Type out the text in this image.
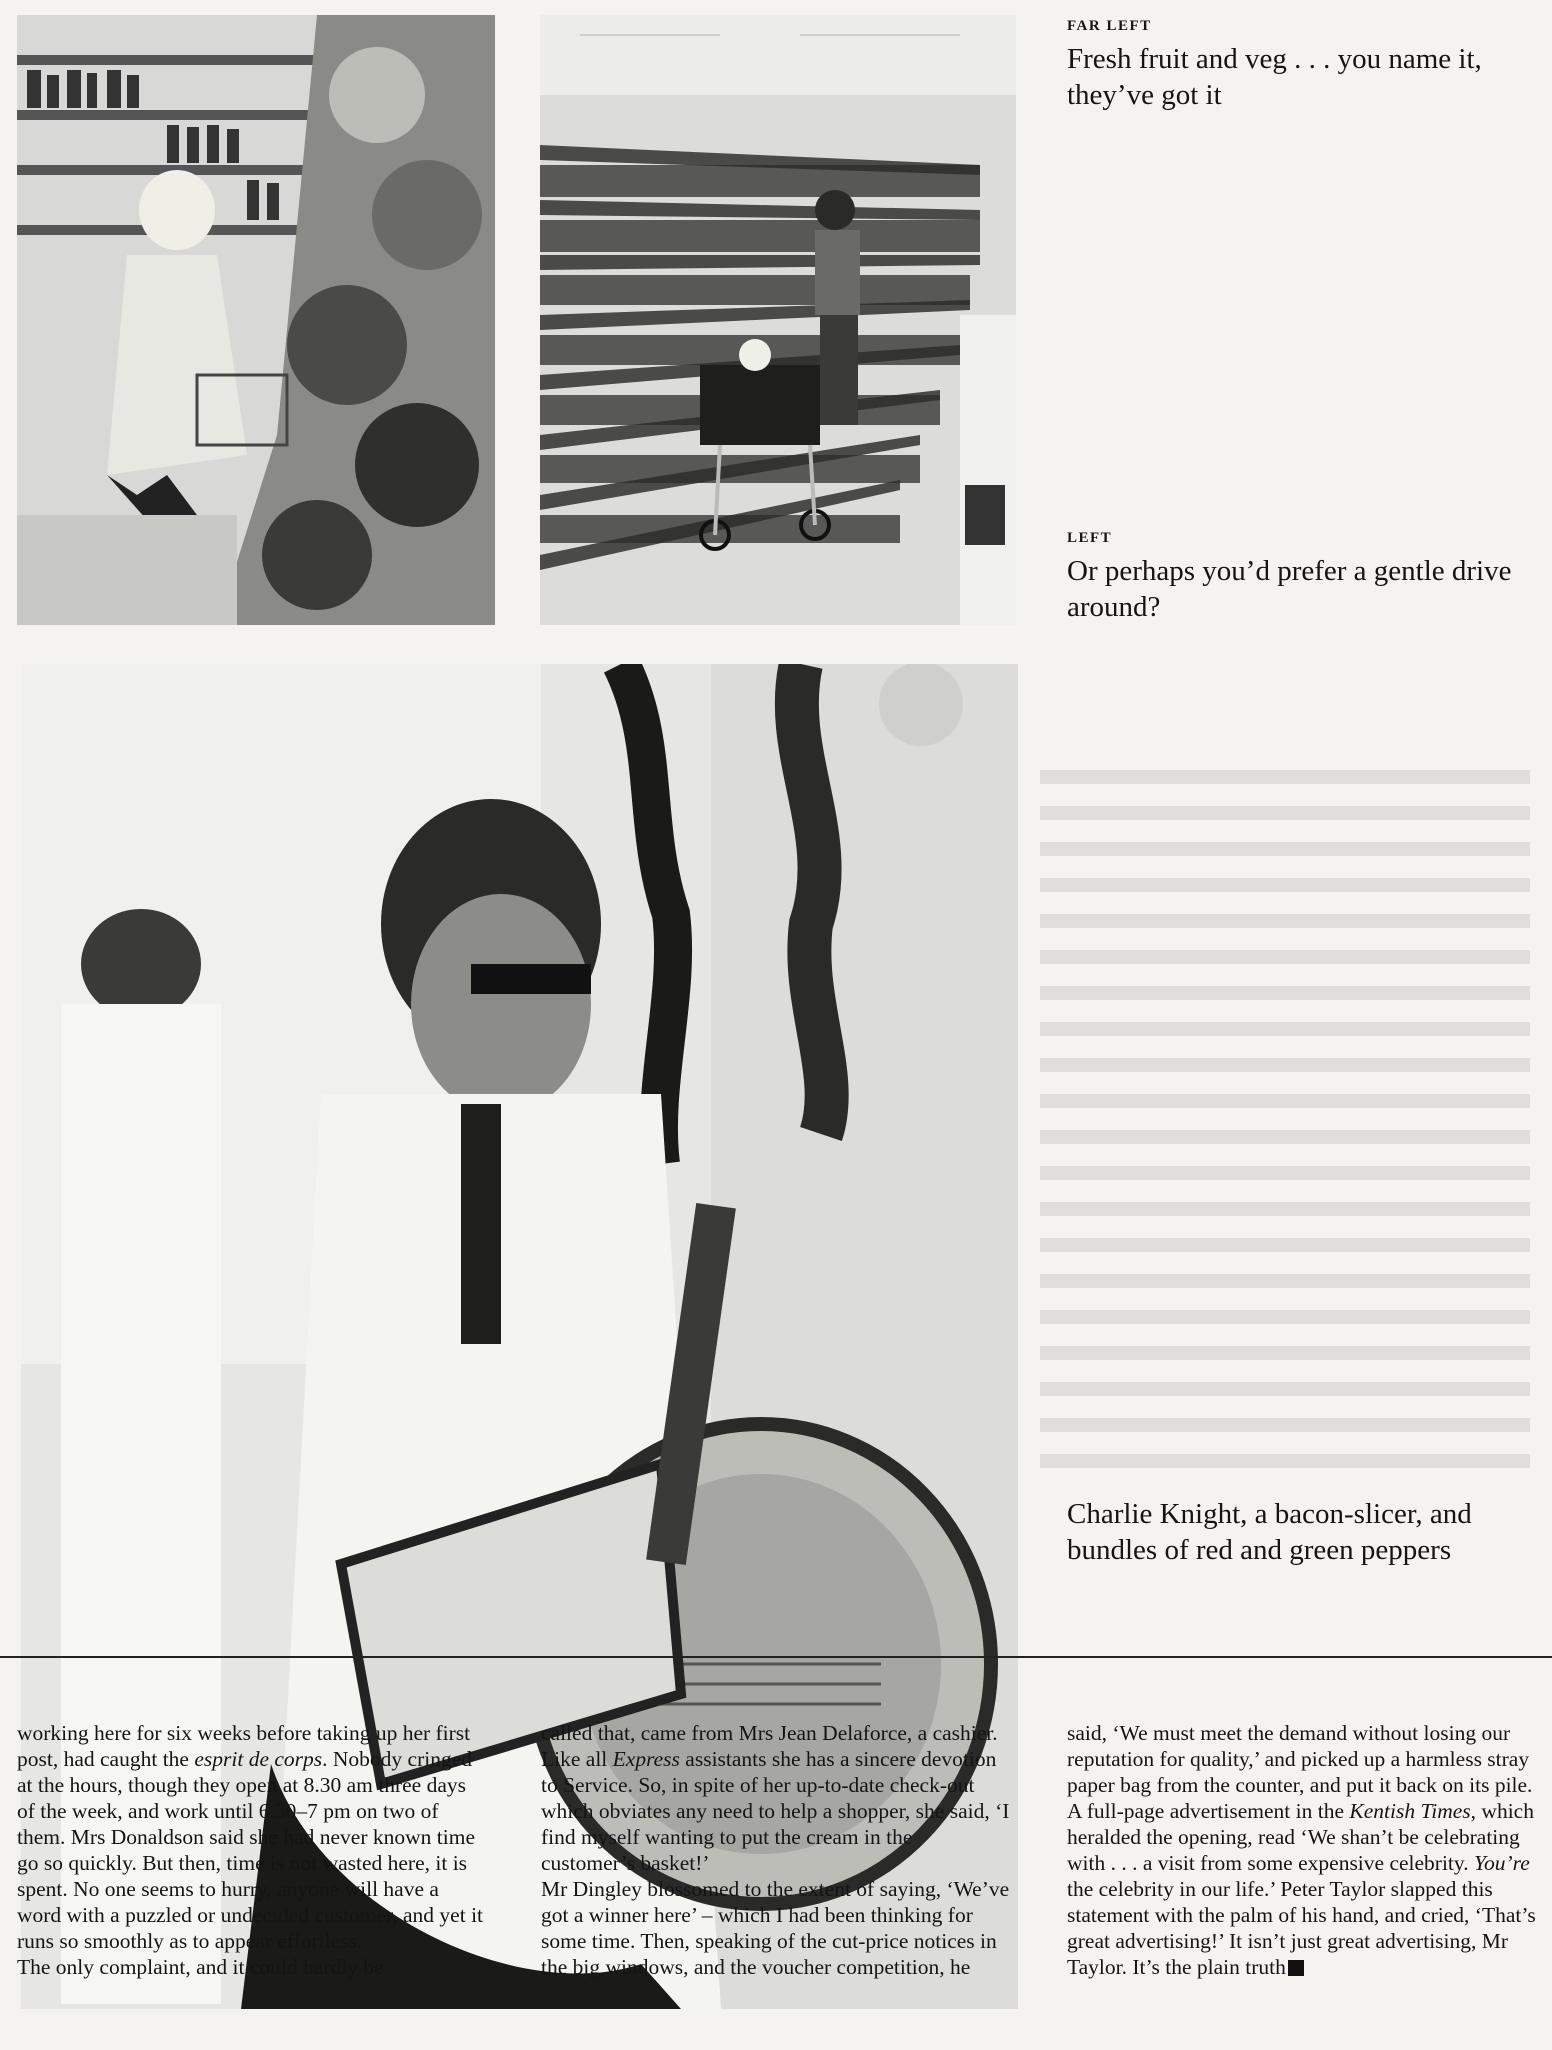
FAR LEFT
Fresh fruit and veg . . . you name it, they’ve got it
LEFT
Or perhaps you’d prefer a gentle drive around?
Charlie Knight, a bacon-slicer, and bundles of red and green peppers

working here for six weeks before taking up her first post, had caught the esprit de corps. Nobody cringed at the hours, though they open at 8.30 am three days of the week, and work until 6.30–7 pm on two of them. Mrs Donaldson said she had never known time go so quickly. But then, time is not wasted here, it is spent. No one seems to hurry, anyone will have a word with a puzzled or undecided customer, and yet it runs so smoothly as to appear effortless.

The only complaint, and it could hardly be

called that, came from Mrs Jean Delaforce, a cashier. Like all Express assistants she has a sincere devotion to Service. So, in spite of her up-to-date check-out which obviates any need to help a shopper, she said, ‘I find myself wanting to put the cream in the customer’s basket!’

Mr Dingley blossomed to the extent of saying, ‘We’ve got a winner here’ – which I had been thinking for some time. Then, speaking of the cut-price notices in the big windows, and the voucher competition, he

said, ‘We must meet the demand without losing our reputation for quality,’ and picked up a harmless stray paper bag from the counter, and put it back on its pile.

A full-page advertisement in the Kentish Times, which heralded the opening, read ‘We shan’t be celebrating with . . . a visit from some expensive celebrity. You’re the celebrity in our life.’ Peter Taylor slapped this statement with the palm of his hand, and cried, ‘That’s great advertising!’ It isn’t just great advertising, Mr Taylor. It’s the plain truth
